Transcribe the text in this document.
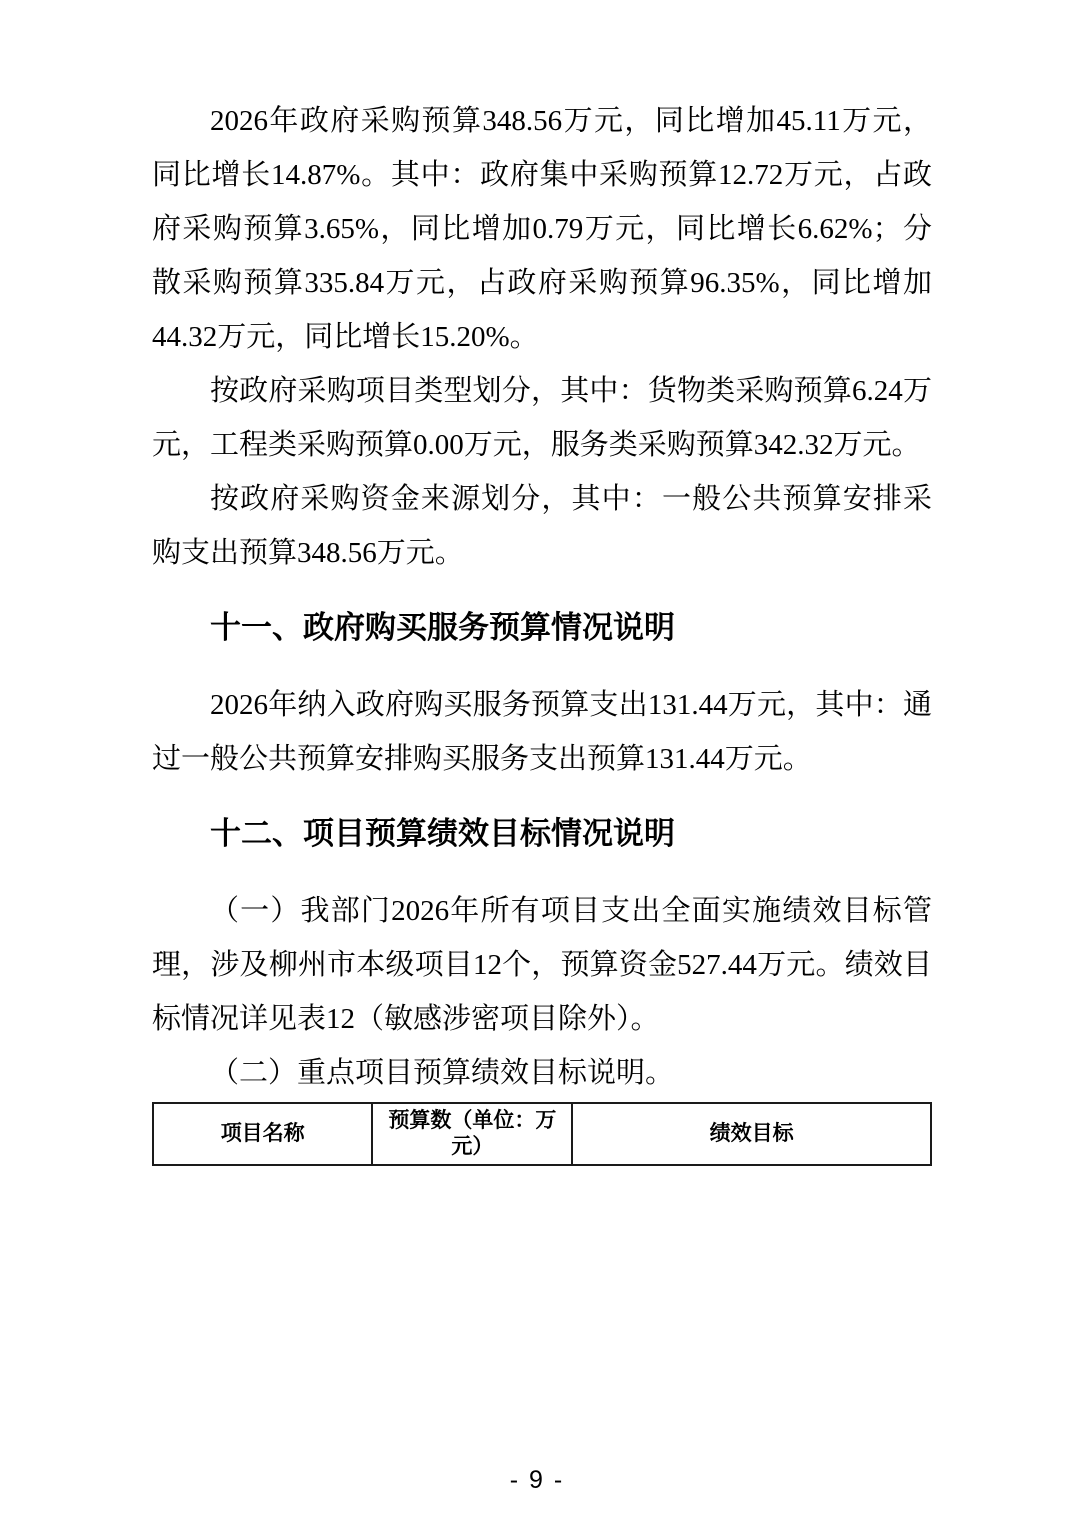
2026年政府采购预算348.56万元，同比增加45.11万元，同比增长14.87%。其中：政府集中采购预算12.72万元，占政府采购预算3.65%，同比增加0.79万元，同比增长6.62%；分散采购预算335.84万元，占政府采购预算96.35%，同比增加44.32万元，同比增长15.20%。

按政府采购项目类型划分，其中：货物类采购预算6.24万元，工程类采购预算0.00万元，服务类采购预算342.32万元。

按政府采购资金来源划分，其中：一般公共预算安排采购支出预算348.56万元。

十一、政府购买服务预算情况说明

2026年纳入政府购买服务预算支出131.44万元，其中：通过一般公共预算安排购买服务支出预算131.44万元。

十二、项目预算绩效目标情况说明

（一）我部门2026年所有项目支出全面实施绩效目标管理，涉及柳州市本级项目12个，预算资金527.44万元。绩效目标情况详见表12（敏感涉密项目除外）。

（二）重点项目预算绩效目标说明。

项目名称	预算数（单位：万元）	绩效目标
- 9 -
